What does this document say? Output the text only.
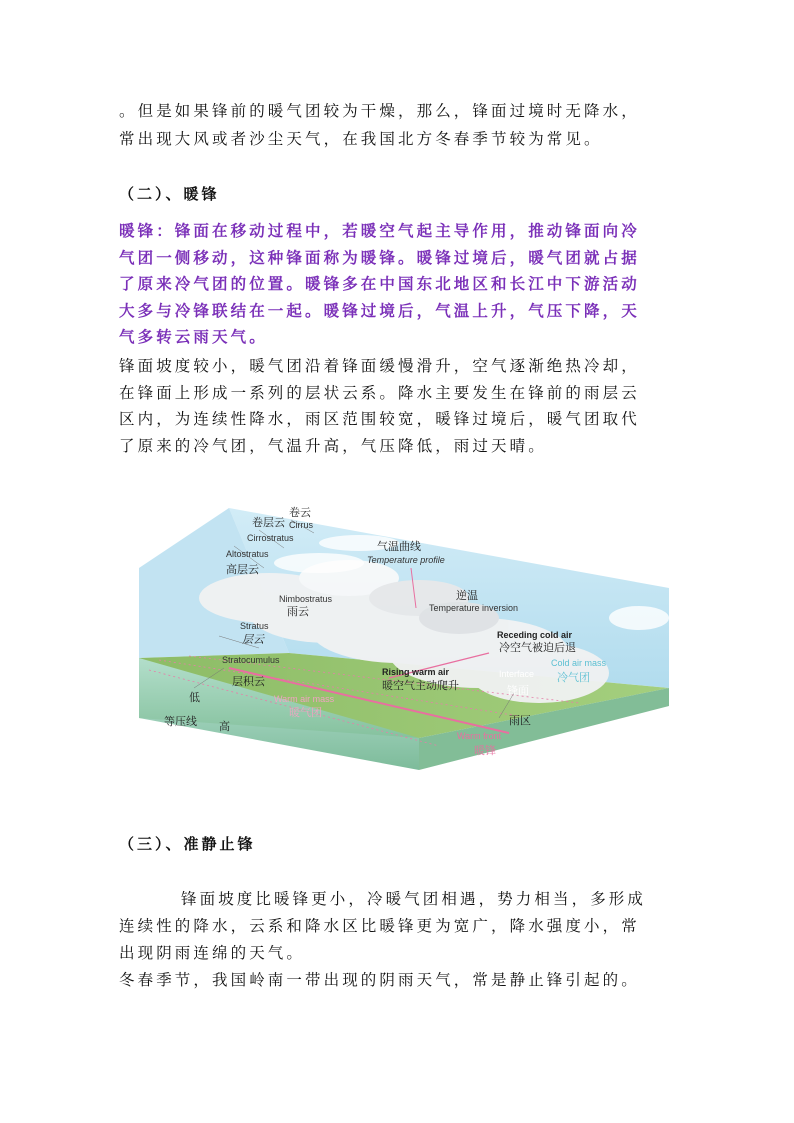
。但是如果锋前的暖气团较为干燥，那么，锋面过境时无降水，
常出现大风或者沙尘天气，在我国北方冬春季节较为常见。

（二）、暖锋

暖锋：锋面在移动过程中，若暖空气起主导作用，推动锋面向冷
气团一侧移动，这种锋面称为暖锋。暖锋过境后，暖气团就占据
了原来冷气团的位置。暖锋多在中国东北地区和长江中下游活动
大多与冷锋联结在一起。暖锋过境后，气温上升，气压下降，天
气多转云雨天气。

锋面坡度较小，暖气团沿着锋面缓慢滑升，空气逐渐绝热冷却，
在锋面上形成一系列的层状云系。降水主要发生在锋前的雨层云
区内，为连续性降水，雨区范围较宽，暖锋过境后，暖气团取代
了原来的冷气团，气温升高，气压降低，雨过天晴。

卷云
Cirrus
卷层云
Cirrostratus
Altostratus
高层云
气温曲线
Temperature profile
Nimbostratus
雨云
逆温
Temperature inversion
Stratus
层云	Receding cold air
冷空气被迫后退
Stratocumulus	Cold air mass
冷气团
Rising warm air
暖空气主动爬升
层积云
Interface
锋面
低	Warm air mass
暖气团
等压线 高	雨区
Warm front
暖锋

（三）、准静止锋

锋面坡度比暖锋更小，冷暖气团相遇，势力相当，多形成
连续性的降水，云系和降水区比暖锋更为宽广，降水强度小，常
出现阴雨连绵的天气。
冬春季节，我国岭南一带出现的阴雨天气，常是静止锋引起的。
